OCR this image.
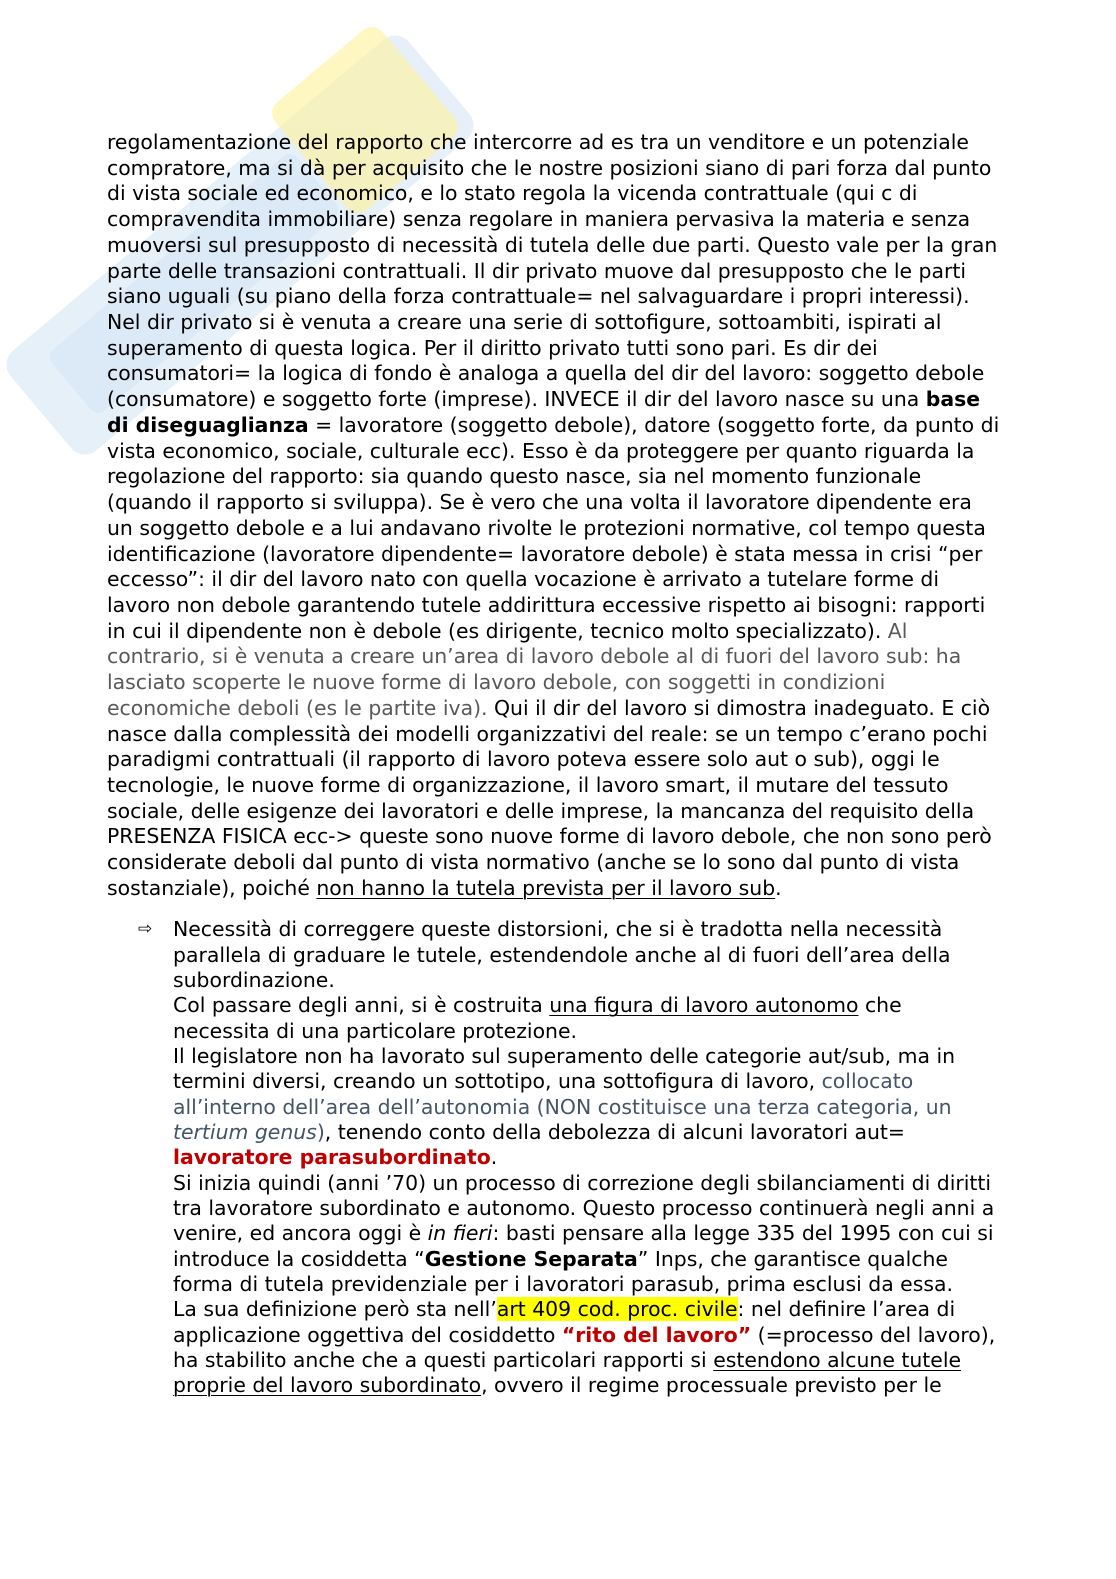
regolamentazione del rapporto che intercorre ad es tra un venditore e un potenziale
compratore, ma si dà per acquisito che le nostre posizioni siano di pari forza dal punto
di vista sociale ed economico, e lo stato regola la vicenda contrattuale (qui c di
compravendita immobiliare) senza regolare in maniera pervasiva la materia e senza
muoversi sul presupposto di necessità di tutela delle due parti. Questo vale per la gran
parte delle transazioni contrattuali. Il dir privato muove dal presupposto che le parti
siano uguali (su piano della forza contrattuale= nel salvaguardare i propri interessi).
Nel dir privato si è venuta a creare una serie di sottofigure, sottoambiti, ispirati al
superamento di questa logica. Per il diritto privato tutti sono pari. Es dir dei
consumatori= la logica di fondo è analoga a quella del dir del lavoro: soggetto debole
(consumatore) e soggetto forte (imprese). INVECE il dir del lavoro nasce su una base
di diseguaglianza = lavoratore (soggetto debole), datore (soggetto forte, da punto di
vista economico, sociale, culturale ecc). Esso è da proteggere per quanto riguarda la
regolazione del rapporto: sia quando questo nasce, sia nel momento funzionale
(quando il rapporto si sviluppa). Se è vero che una volta il lavoratore dipendente era
un soggetto debole e a lui andavano rivolte le protezioni normative, col tempo questa
identificazione (lavoratore dipendente= lavoratore debole) è stata messa in crisi “per
eccesso”: il dir del lavoro nato con quella vocazione è arrivato a tutelare forme di
lavoro non debole garantendo tutele addirittura eccessive rispetto ai bisogni: rapporti
in cui il dipendente non è debole (es dirigente, tecnico molto specializzato). Al
contrario, si è venuta a creare un’area di lavoro debole al di fuori del lavoro sub: ha
lasciato scoperte le nuove forme di lavoro debole, con soggetti in condizioni
economiche deboli (es le partite iva). Qui il dir del lavoro si dimostra inadeguato. E ciò
nasce dalla complessità dei modelli organizzativi del reale: se un tempo c’erano pochi
paradigmi contrattuali (il rapporto di lavoro poteva essere solo aut o sub), oggi le
tecnologie, le nuove forme di organizzazione, il lavoro smart, il mutare del tessuto
sociale, delle esigenze dei lavoratori e delle imprese, la mancanza del requisito della
PRESENZA FISICA ecc-> queste sono nuove forme di lavoro debole, che non sono però
considerate deboli dal punto di vista normativo (anche se lo sono dal punto di vista
sostanziale), poiché non hanno la tutela prevista per il lavoro sub.
⇨ Necessità di correggere queste distorsioni, che si è tradotta nella necessità
parallela di graduare le tutele, estendendole anche al di fuori dell’area della
subordinazione.
Col passare degli anni, si è costruita una figura di lavoro autonomo che
necessita di una particolare protezione.
Il legislatore non ha lavorato sul superamento delle categorie aut/sub, ma in
termini diversi, creando un sottotipo, una sottofigura di lavoro, collocato
all’interno dell’area dell’autonomia (NON costituisce una terza categoria, un
tertium genus), tenendo conto della debolezza di alcuni lavoratori aut=
lavoratore parasubordinato.
Si inizia quindi (anni ’70) un processo di correzione degli sbilanciamenti di diritti
tra lavoratore subordinato e autonomo. Questo processo continuerà negli anni a
venire, ed ancora oggi è in fieri: basti pensare alla legge 335 del 1995 con cui si
introduce la cosiddetta “Gestione Separata” Inps, che garantisce qualche
forma di tutela previdenziale per i lavoratori parasub, prima esclusi da essa.
La sua definizione però sta nell’art 409 cod. proc. civile: nel definire l’area di
applicazione oggettiva del cosiddetto “rito del lavoro” (=processo del lavoro),
ha stabilito anche che a questi particolari rapporti si estendono alcune tutele
proprie del lavoro subordinato, ovvero il regime processuale previsto per le
